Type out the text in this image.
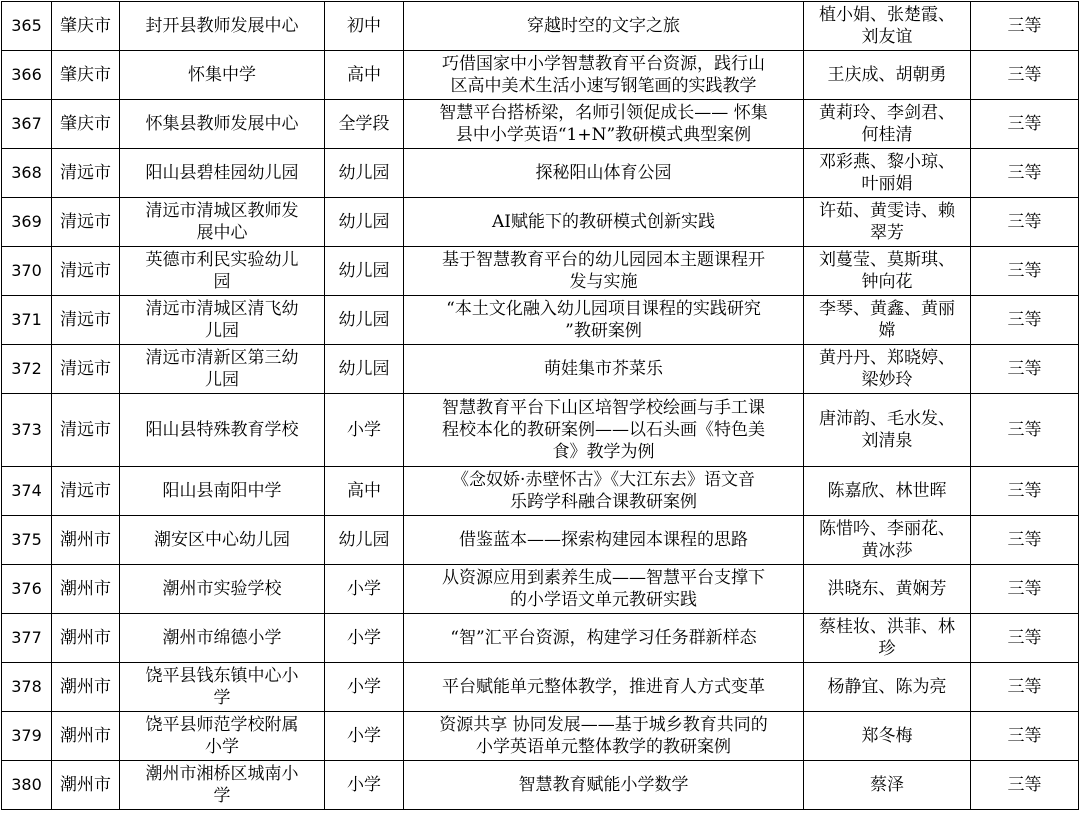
365	肇庆市	封开县教师发展中心	初中	穿越时空的文字之旅	植小娟、张楚霞、
刘友谊	三等
366	肇庆市	怀集中学	高中	巧借国家中小学智慧教育平台资源，践行山
区高中美术生活小速写钢笔画的实践教学	王庆成、胡朝勇	三等
367	肇庆市	怀集县教师发展中心	全学段	智慧平台搭桥梁，名师引领促成长—— 怀集
县中小学英语“1+N”教研模式典型案例	黄莉玲、李剑君、
何桂清	三等
368	清远市	阳山县碧桂园幼儿园	幼儿园	探秘阳山体育公园	邓彩燕、黎小琼、
叶丽娟	三等
369	清远市	清远市清城区教师发
展中心	幼儿园	AI赋能下的教研模式创新实践	许茹、黄雯诗、赖
翠芳	三等
370	清远市	英德市利民实验幼儿
园	幼儿园	基于智慧教育平台的幼儿园园本主题课程开
发与实施	刘蔓莹、莫斯琪、
钟向花	三等
371	清远市	清远市清城区清飞幼
儿园	幼儿园	“本土文化融入幼儿园项目课程的实践研究
”教研案例	李琴、黄鑫、黄丽
嫦	三等
372	清远市	清远市清新区第三幼
儿园	幼儿园	萌娃集市芥菜乐	黄丹丹、郑晓婷、
梁妙玲	三等
373	清远市	阳山县特殊教育学校	小学	智慧教育平台下山区培智学校绘画与手工课
程校本化的教研案例——以石头画《特色美
食》教学为例	唐沛韵、毛水发、
刘清泉	三等
374	清远市	阳山县南阳中学	高中	《念奴娇·赤壁怀古》《大江东去》语文音
乐跨学科融合课教研案例	陈嘉欣、林世晖	三等
375	潮州市	潮安区中心幼儿园	幼儿园	借鉴蓝本——探索构建园本课程的思路	陈惜吟、李丽花、
黄冰莎	三等
376	潮州市	潮州市实验学校	小学	从资源应用到素养生成——智慧平台支撑下
的小学语文单元教研实践	洪晓东、黄娴芳	三等
377	潮州市	潮州市绵德小学	小学	“智”汇平台资源，构建学习任务群新样态	蔡桂妆、洪菲、林
珍	三等
378	潮州市	饶平县钱东镇中心小
学	小学	平台赋能单元整体教学，推进育人方式变革	杨静宜、陈为亮	三等
379	潮州市	饶平县师范学校附属
小学	小学	资源共享 协同发展——基于城乡教育共同的
小学英语单元整体教学的教研案例	郑冬梅	三等
380	潮州市	潮州市湘桥区城南小
学	小学	智慧教育赋能小学数学	蔡泽	三等
